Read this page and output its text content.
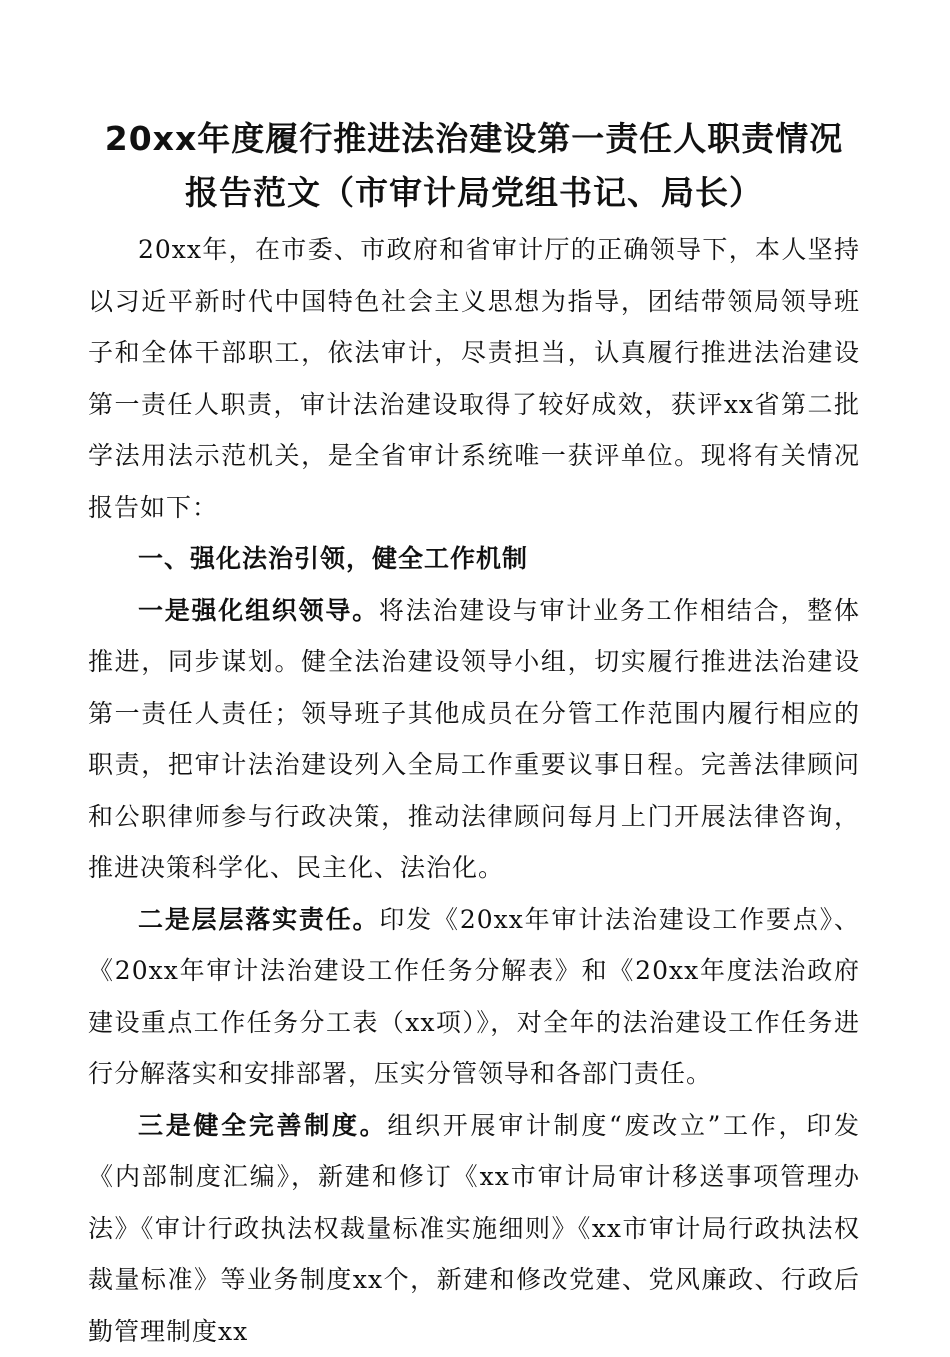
20xx年度履行推进法治建设第一责任人职责情况
报告范文（市审计局党组书记、局长）

20xx年，在市委、市政府和省审计厅的正确领导下，本人坚持以习近平新时代中国特色社会主义思想为指导，团结带领局领导班子和全体干部职工，依法审计，尽责担当，认真履行推进法治建设第一责任人职责，审计法治建设取得了较好成效，获评xx省第二批学法用法示范机关，是全省审计系统唯一获评单位。现将有关情况报告如下：

一、强化法治引领，健全工作机制

一是强化组织领导。将法治建设与审计业务工作相结合，整体推进，同步谋划。健全法治建设领导小组，切实履行推进法治建设第一责任人责任；领导班子其他成员在分管工作范围内履行相应的职责，把审计法治建设列入全局工作重要议事日程。完善法律顾问和公职律师参与行政决策，推动法律顾问每月上门开展法律咨询，推进决策科学化、民主化、法治化。

二是层层落实责任。印发《20xx年审计法治建设工作要点》、《20xx年审计法治建设工作任务分解表》和《20xx年度法治政府建设重点工作任务分工表（xx项）》，对全年的法治建设工作任务进行分解落实和安排部署，压实分管领导和各部门责任。

三是健全完善制度。组织开展审计制度“废改立”工作，印发《内部制度汇编》，新建和修订《xx市审计局审计移送事项管理办法》《审计行政执法权裁量标准实施细则》《xx市审计局行政执法权裁量标准》等业务制度xx个，新建和修改党建、党风廉政、行政后勤管理制度xx
